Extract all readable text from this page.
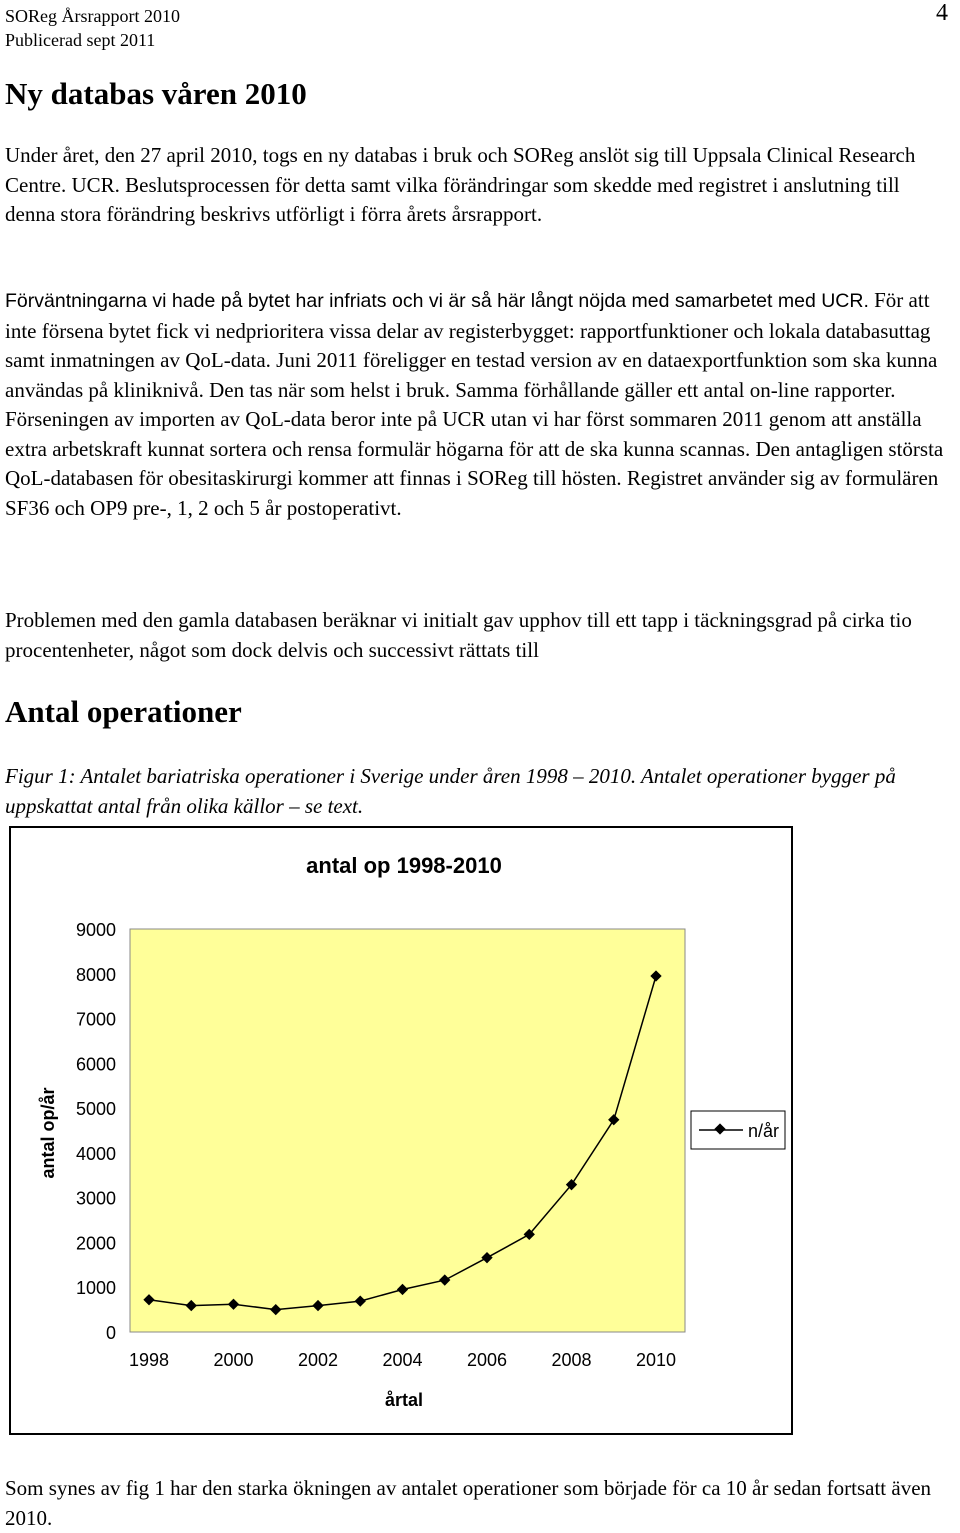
SOReg Årsrapport 2010
Publicerad sept 2011
4
Ny databas våren 2010

Under året, den 27 april 2010, togs en ny databas i bruk och SOReg anslöt sig till Uppsala Clinical Research Centre. UCR. Beslutsprocessen för detta samt vilka förändringar som skedde med registret i anslutning till denna stora förändring beskrivs utförligt i förra årets årsrapport.

Förväntningarna vi hade på bytet har infriats och vi är så här långt nöjda med samarbetet med UCR. För att inte försena bytet fick vi nedprioritera vissa delar av registerbygget: rapportfunktioner och lokala databasuttag samt inmatningen av QoL-data. Juni 2011 föreligger en testad version av en dataexportfunktion som ska kunna användas på kliniknivå. Den tas när som helst i bruk. Samma förhållande gäller ett antal on-line rapporter. Förseningen av importen av QoL-data beror inte på UCR utan vi har först sommaren 2011 genom att anställa extra arbetskraft kunnat sortera och rensa formulär högarna för att de ska kunna scannas. Den antagligen största QoL-databasen för obesitaskirurgi kommer att finnas i SOReg till hösten. Registret använder sig av formulären SF36 och OP9 pre-, 1, 2 och 5 år postoperativt.

Problemen med den gamla databasen beräknar vi initialt gav upphov till ett tapp i täckningsgrad på cirka tio procentenheter, något som dock delvis och successivt rättats till

Antal operationer

Figur 1: Antalet bariatriska operationer i Sverige under åren 1998 – 2010. Antalet operationer bygger på uppskattat antal från olika källor – se text.

antal op 1998-2010
0
1000
2000
3000
4000
5000
6000
7000
8000
9000
1998 2000 2002 2004 2006 2008 2010
antal op/år
årtal
n/år

Som synes av fig 1 har den starka ökningen av antalet operationer som började för ca 10 år sedan fortsatt även 2010.
